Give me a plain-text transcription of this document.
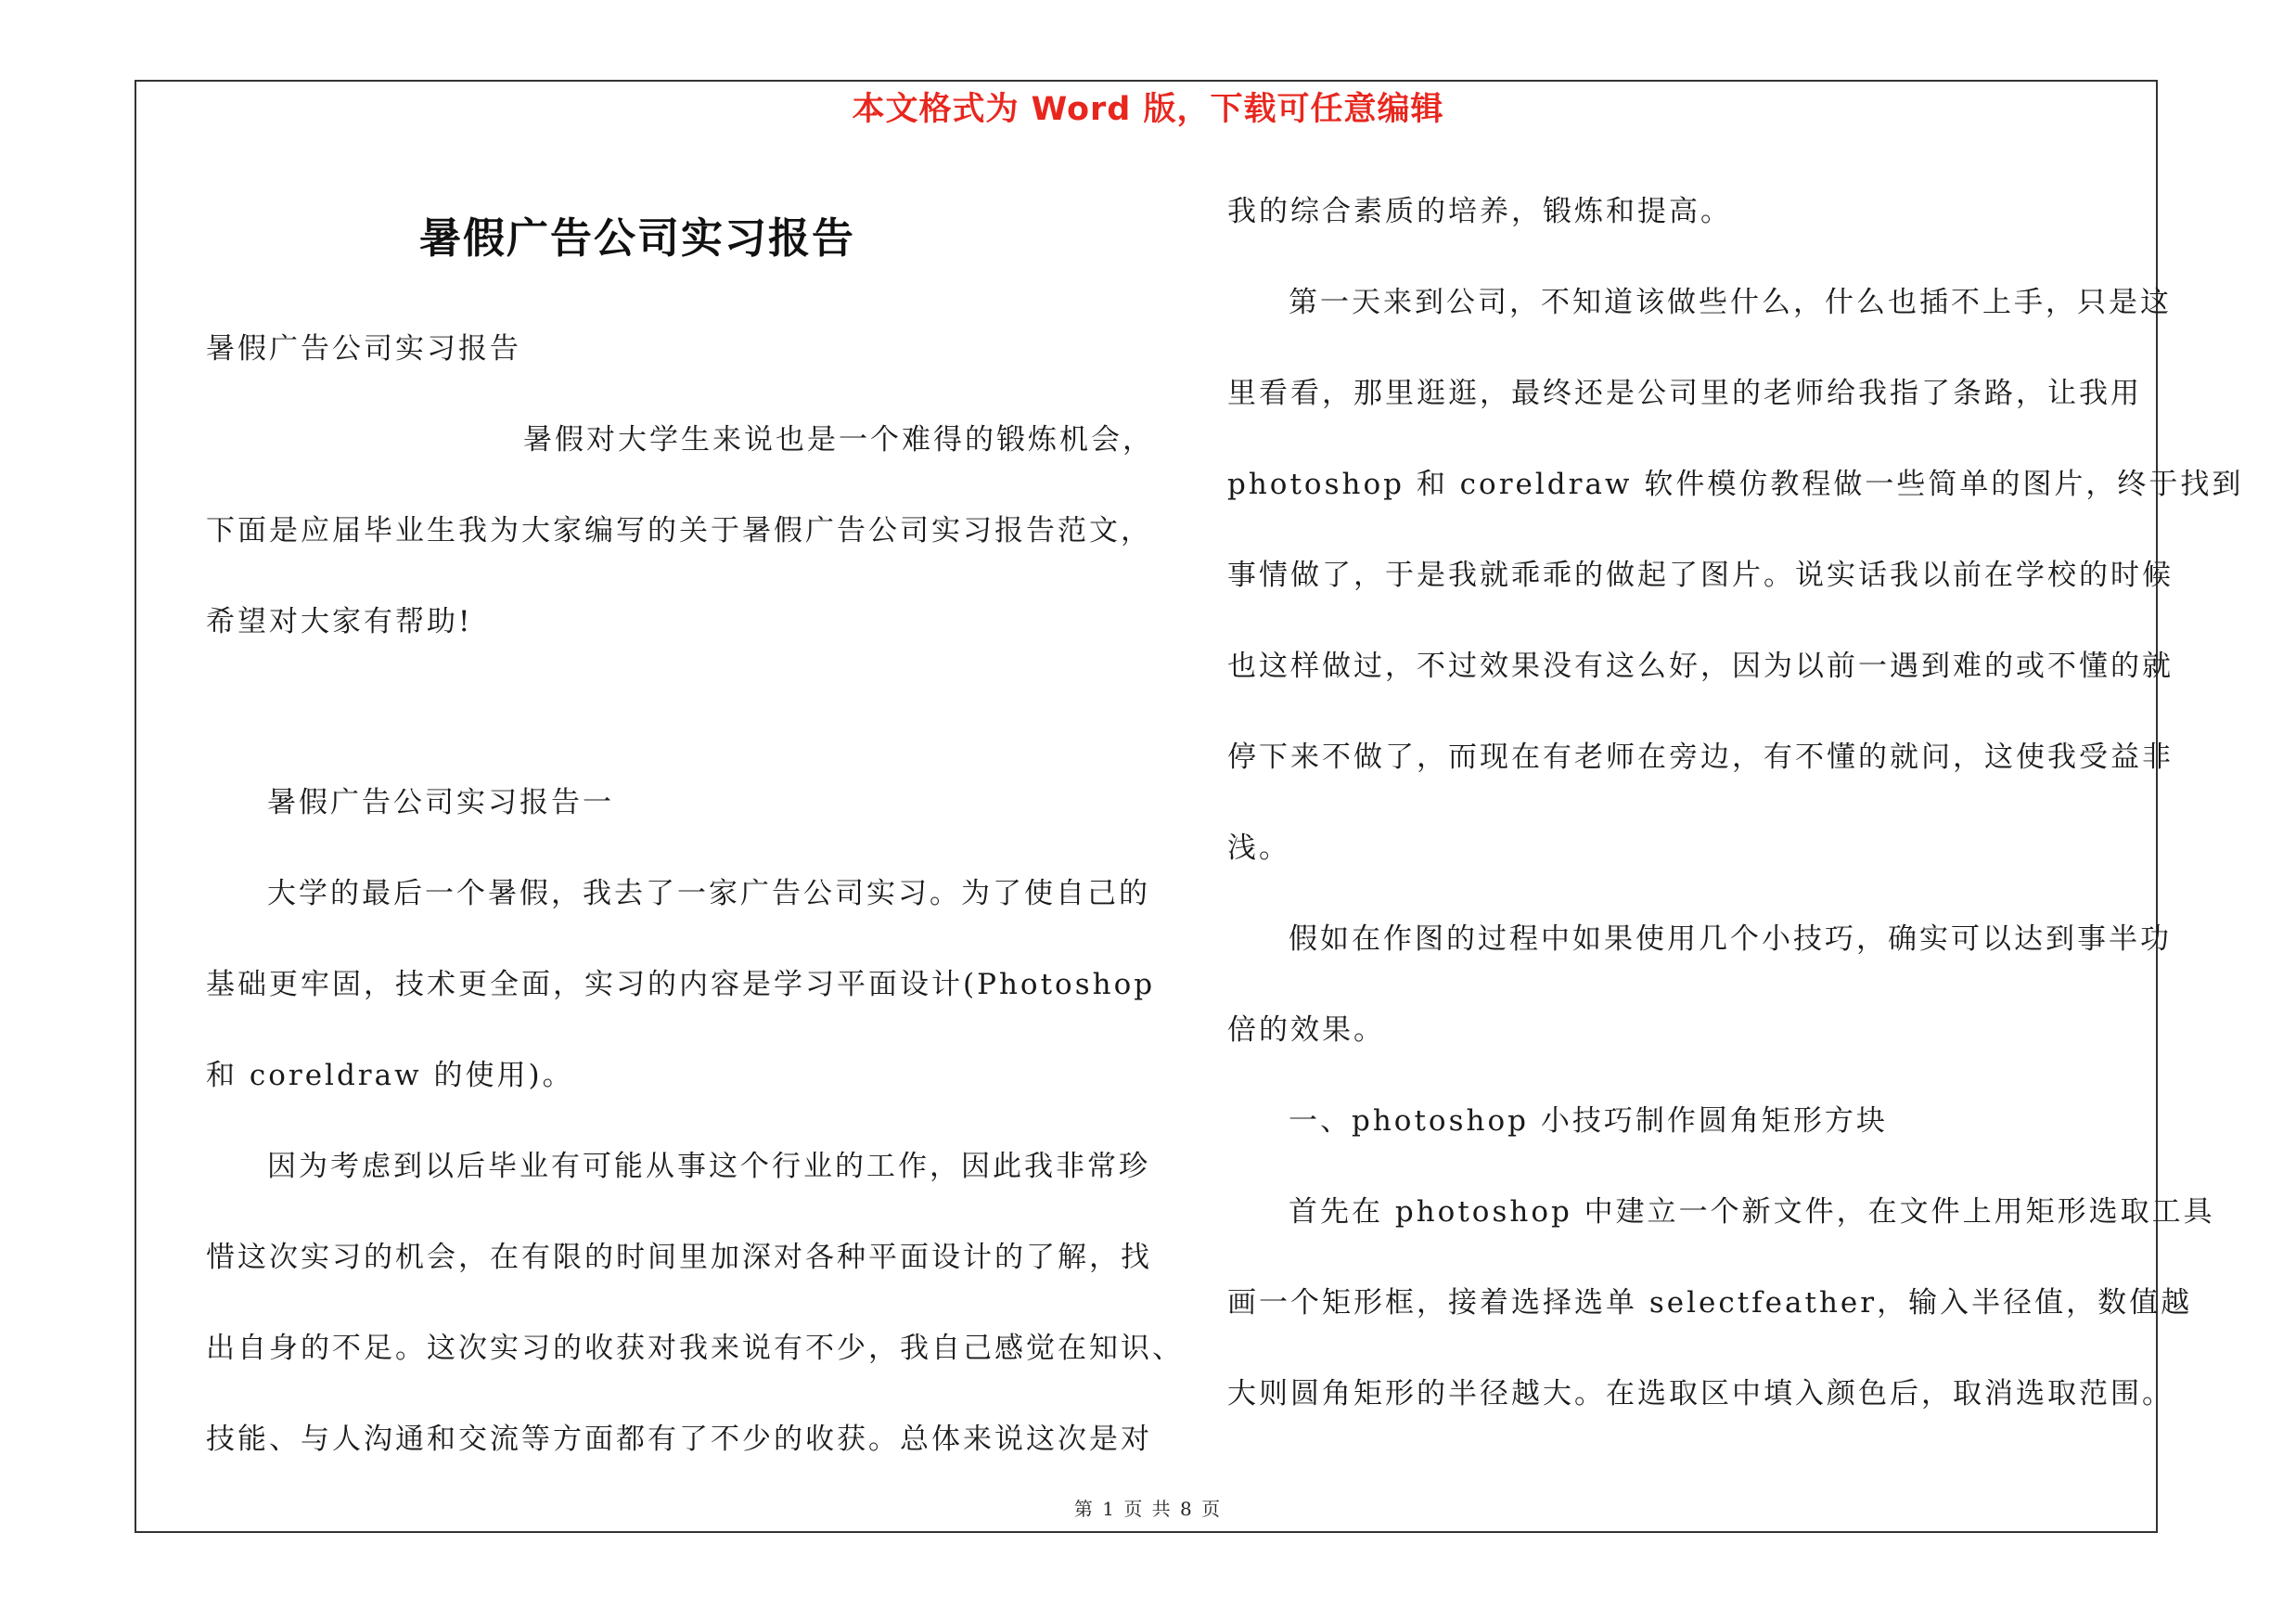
本文格式为 Word 版，下载可任意编辑
暑假广告公司实习报告
暑假广告公司实习报告
暑假对大学生来说也是一个难得的锻炼机会，
下面是应届毕业生我为大家编写的关于暑假广告公司实习报告范文，
希望对大家有帮助!
暑假广告公司实习报告一
大学的最后一个暑假，我去了一家广告公司实习。为了使自己的
基础更牢固，技术更全面，实习的内容是学习平面设计(Photoshop
和 coreldraw 的使用)。
因为考虑到以后毕业有可能从事这个行业的工作，因此我非常珍
惜这次实习的机会，在有限的时间里加深对各种平面设计的了解，找
出自身的不足。这次实习的收获对我来说有不少，我自己感觉在知识、
技能、与人沟通和交流等方面都有了不少的收获。总体来说这次是对
我的综合素质的培养，锻炼和提高。
第一天来到公司，不知道该做些什么，什么也插不上手，只是这
里看看，那里逛逛，最终还是公司里的老师给我指了条路，让我用
photoshop 和 coreldraw 软件模仿教程做一些简单的图片，终于找到
事情做了，于是我就乖乖的做起了图片。说实话我以前在学校的时候
也这样做过，不过效果没有这么好，因为以前一遇到难的或不懂的就
停下来不做了，而现在有老师在旁边，有不懂的就问，这使我受益非
浅。
假如在作图的过程中如果使用几个小技巧，确实可以达到事半功
倍的效果。
一、photoshop 小技巧制作圆角矩形方块
首先在 photoshop 中建立一个新文件，在文件上用矩形选取工具
画一个矩形框，接着选择选单 selectfeather，输入半径值，数值越
大则圆角矩形的半径越大。在选取区中填入颜色后，取消选取范围。
第 1 页 共 8 页
